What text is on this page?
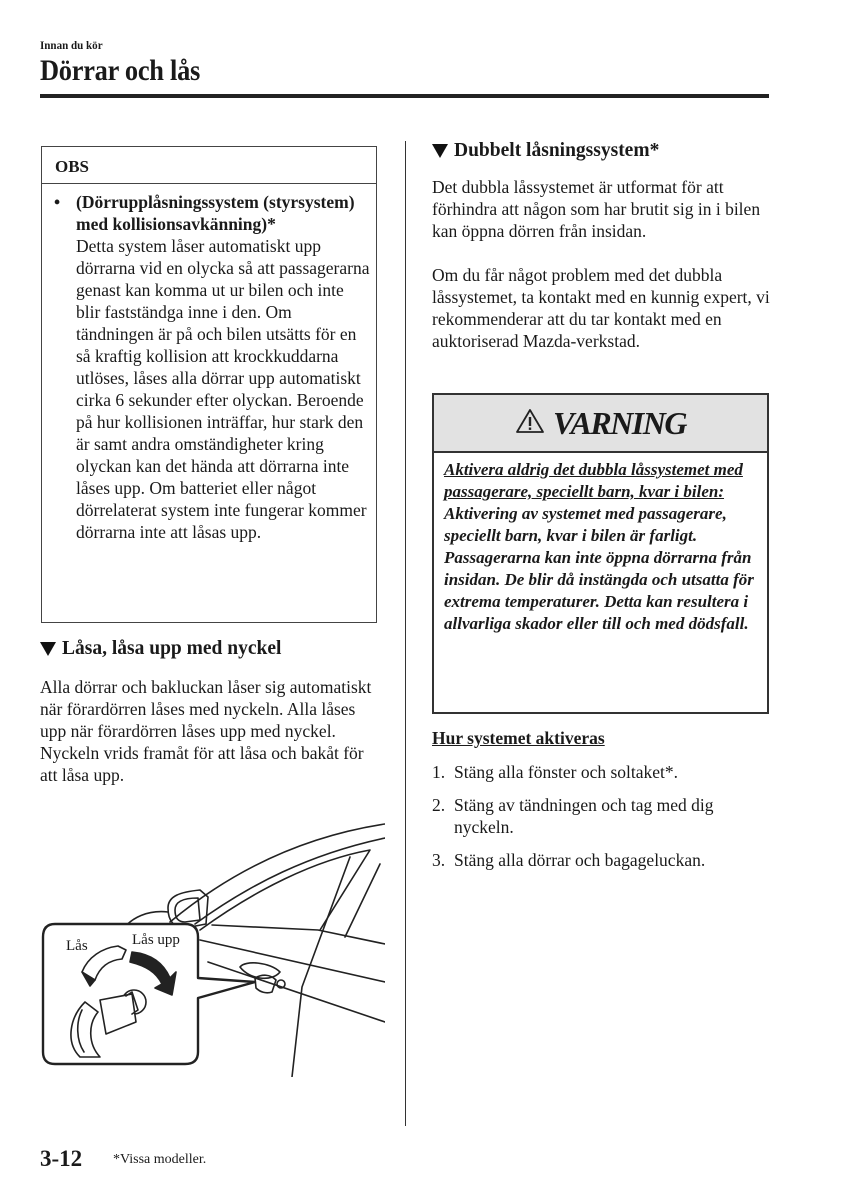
Innan du kör
Dörrar och lås
OBS
• (Dörrupplåsningssystem (styrsystem) med kollisionsavkänning)*
Detta system låser automatiskt upp dörrarna vid en olycka så att passagerarna genast kan komma ut ur bilen och inte blir fastständga inne i den. Om tändningen är på och bilen utsätts för en så kraftig kollision att krockkuddarna utlöses, låses alla dörrar upp automatiskt cirka 6 sekunder efter olyckan. Beroende på hur kollisionen inträffar, hur stark den är samt andra omständigheter kring olyckan kan det hända att dörrarna inte låses upp. Om batteriet eller något dörrelaterat system inte fungerar kommer dörrarna inte att låsas upp.
Låsa, låsa upp med nyckel
Alla dörrar och bakluckan låser sig automatiskt när förardörren låses med nyckeln. Alla låses upp när förardörren låses upp med nyckel.
Nyckeln vrids framåt för att låsa och bakåt för att låsa upp.
Lås	Lås upp
Dubbelt låsningssystem*

Det dubbla låssystemet är utformat för att förhindra att någon som har brutit sig in i bilen kan öppna dörren från insidan.

Om du får något problem med det dubbla låssystemet, ta kontakt med en kunnig expert, vi rekommenderar att du tar kontakt med en auktoriserad Mazda-verkstad.

VARNING
Aktivera aldrig det dubbla låssystemet med passagerare, speciellt barn, kvar i bilen:
Aktivering av systemet med passagerare, speciellt barn, kvar i bilen är farligt. Passagerarna kan inte öppna dörrarna från insidan. De blir då instängda och utsatta för extrema temperaturer. Detta kan resultera i allvarliga skador eller till och med dödsfall.
Hur systemet aktiveras
1. Stäng alla fönster och soltaket*.
2. Stäng av tändningen och tag med dig nyckeln.
3. Stäng alla dörrar och bagageluckan.
3-12 *Vissa modeller.
